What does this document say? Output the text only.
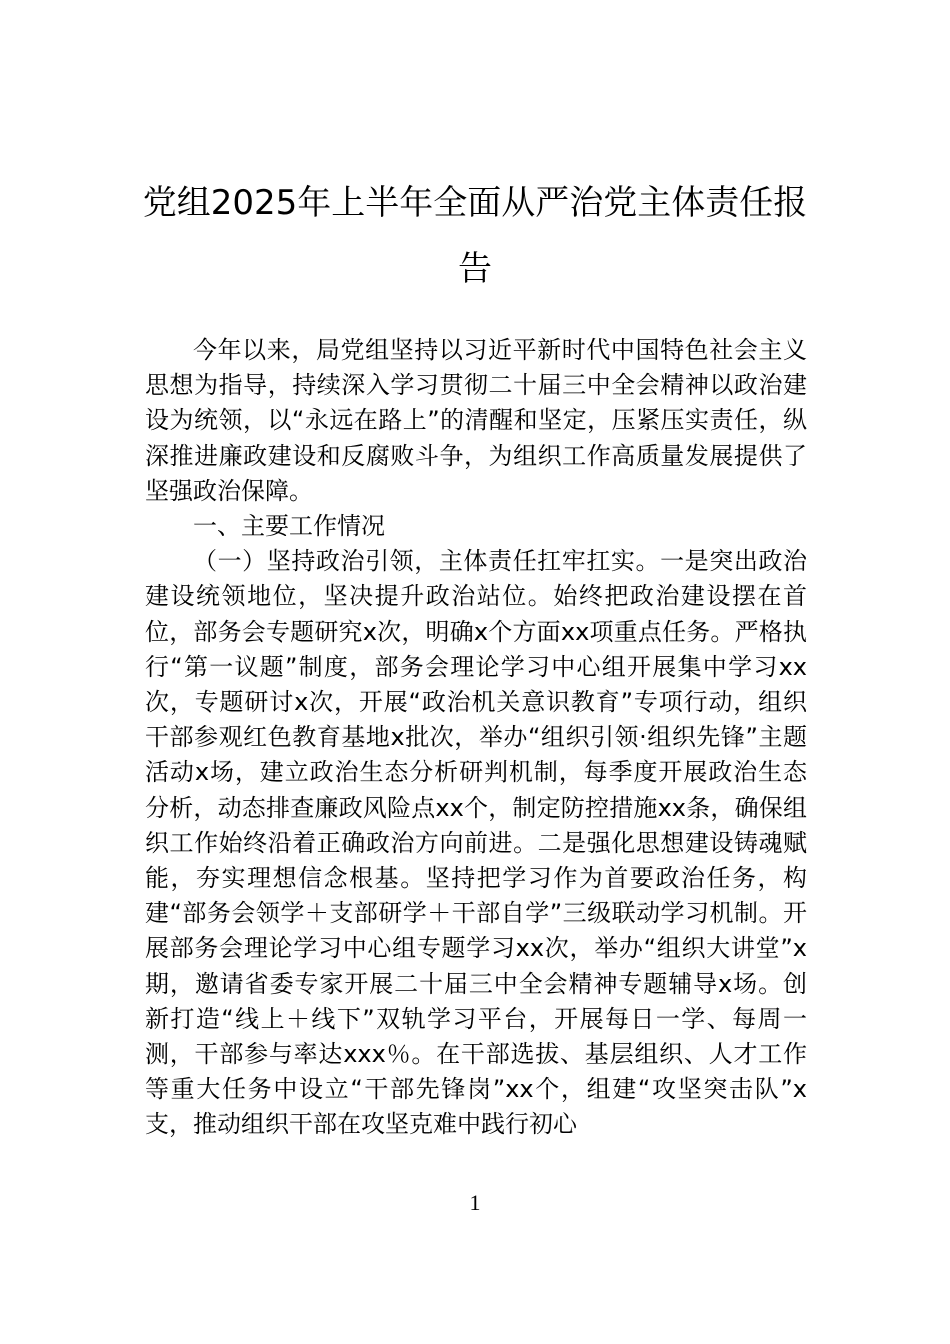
党组2025年上半年全面从严治党主体责任报告

今年以来，局党组坚持以习近平新时代中国特色社会主义思想为指导，持续深入学习贯彻二十届三中全会精神以政治建设为统领，以“永远在路上”的清醒和坚定，压紧压实责任，纵深推进廉政建设和反腐败斗争，为组织工作高质量发展提供了坚强政治保障。

一、主要工作情况

（一）坚持政治引领，主体责任扛牢扛实。一是突出政治建设统领地位，坚决提升政治站位。始终把政治建设摆在首位，部务会专题研究x次，明确x个方面xx项重点任务。严格执行“第一议题”制度，部务会理论学习中心组开展集中学习xx次，专题研讨x次，开展“政治机关意识教育”专项行动，组织干部参观红色教育基地x批次，举办“组织引领·组织先锋”主题活动x场，建立政治生态分析研判机制，每季度开展政治生态分析，动态排查廉政风险点xx个，制定防控措施xx条，确保组织工作始终沿着正确政治方向前进。二是强化思想建设铸魂赋能，夯实理想信念根基。坚持把学习作为首要政治任务，构建“部务会领学＋支部研学＋干部自学”三级联动学习机制。开展部务会理论学习中心组专题学习xx次，举办“组织大讲堂”x期，邀请省委专家开展二十届三中全会精神专题辅导x场。创新打造“线上＋线下”双轨学习平台，开展每日一学、每周一测，干部参与率达xxx％。在干部选拔、基层组织、人才工作等重大任务中设立“干部先锋岗”xx个，组建“攻坚突击队”x支，推动组织干部在攻坚克难中践行初心

1
